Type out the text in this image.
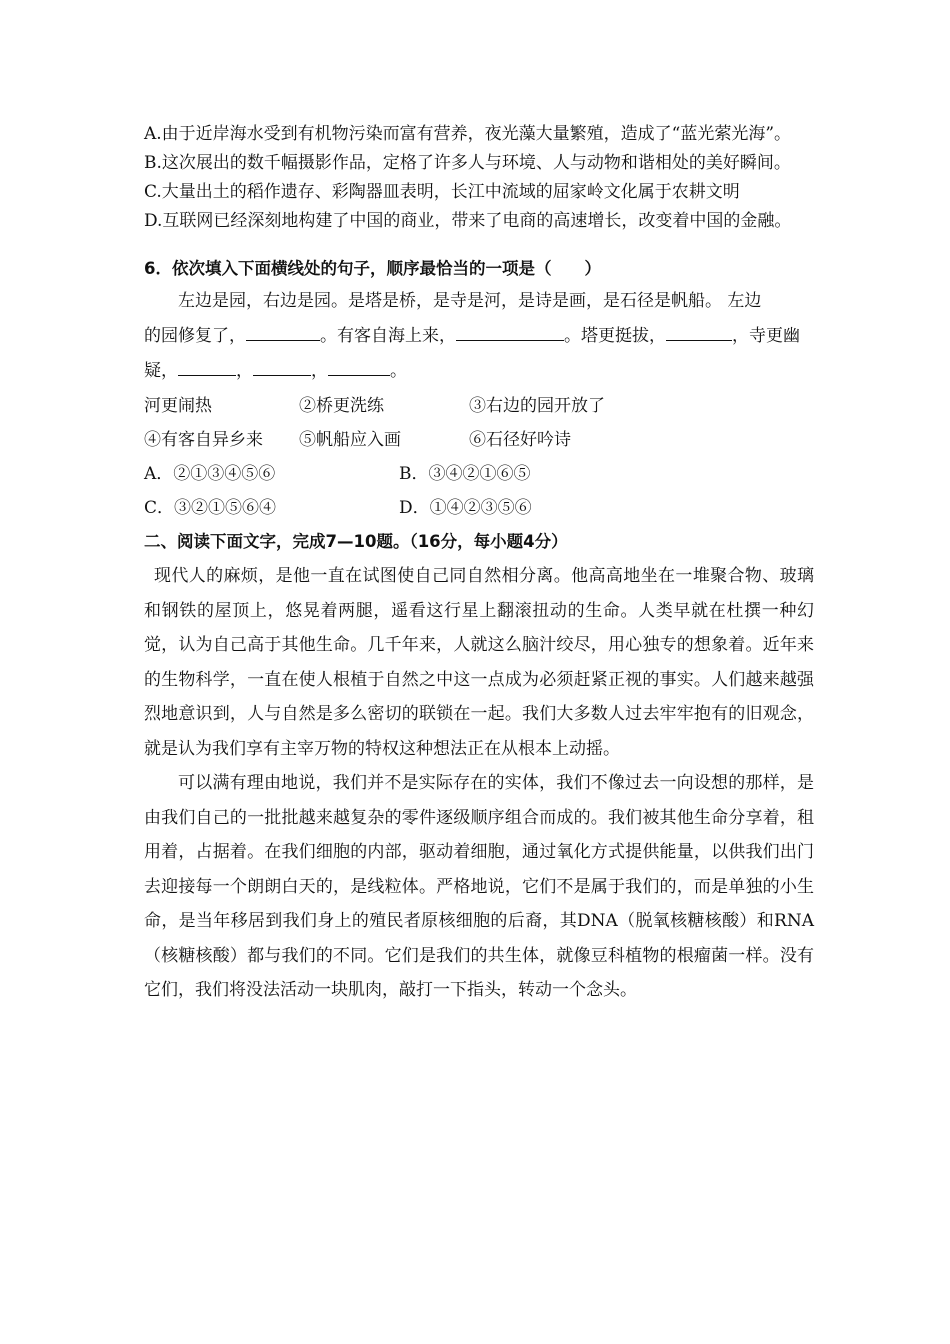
A.由于近岸海水受到有机物污染而富有营养，夜光藻大量繁殖，造成了“蓝光萦光海”。

B.这次展出的数千幅摄影作品，定格了许多人与环境、人与动物和谐相处的美好瞬间。

C.大量出土的稻作遗存、彩陶器皿表明，长江中流域的屈家岭文化属于农耕文明

D.互联网已经深刻地构建了中国的商业，带来了电商的高速增长，改变着中国的金融。

6．依次填入下面横线处的句子，顺序最恰当的一项是（　　）

左边是园，右边是园。是塔是桥，是寺是河，是诗是画，是石径是帆船。 左边

的园修复了，	。有客自海上来，	。塔更挺拔，	，寺更幽

疑，	，	，	。

河更闹热	②桥更洗练	③右边的园开放了
④有客自异乡来	⑤帆船应入画	⑥石径好吟诗
A．②①③④⑤⑥	B．③④②①⑥⑤
C．③②①⑤⑥④	D．①④②③⑤⑥

二、阅读下面文字，完成7—10题。（16分，每小题4分）

现代人的麻烦，是他一直在试图使自己同自然相分离。他高高地坐在一堆聚合物、玻璃和钢铁的屋顶上，悠晃着两腿，遥看这行星上翻滚扭动的生命。人类早就在杜撰一种幻觉，认为自己高于其他生命。几千年来，人就这么脑汁绞尽，用心独专的想象着。近年来的生物科学，一直在使人根植于自然之中这一点成为必须赶紧正视的事实。人们越来越强烈地意识到，人与自然是多么密切的联锁在一起。我们大多数人过去牢牢抱有的旧观念，就是认为我们享有主宰万物的特权这种想法正在从根本上动摇。

可以满有理由地说，我们并不是实际存在的实体，我们不像过去一向设想的那样，是由我们自己的一批批越来越复杂的零件逐级顺序组合而成的。我们被其他生命分享着，租用着，占据着。在我们细胞的内部，驱动着细胞，通过氧化方式提供能量，以供我们出门去迎接每一个朗朗白天的，是线粒体。严格地说，它们不是属于我们的，而是单独的小生命，是当年移居到我们身上的殖民者原核细胞的后裔，其DNA（脱氧核糖核酸）和RNA（核糖核酸）都与我们的不同。它们是我们的共生体，就像豆科植物的根瘤菌一样。没有它们，我们将没法活动一块肌肉，敲打一下指头，转动一个念头。
